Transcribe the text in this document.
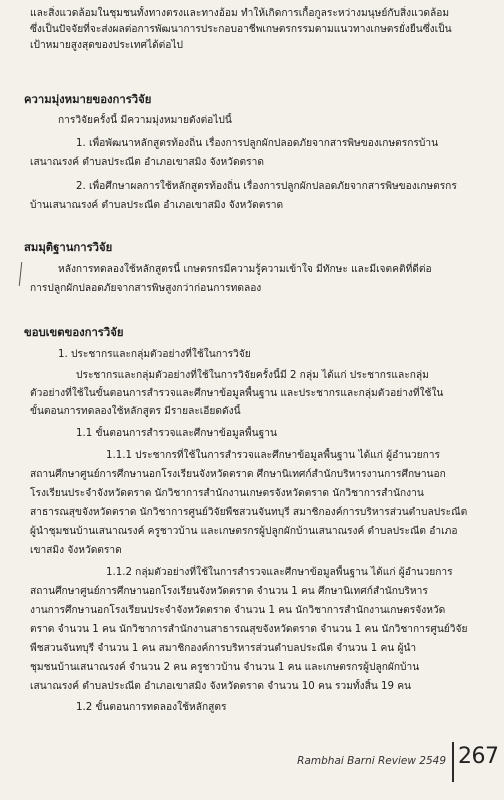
และสิ่งแวดล้อมในชุมชนทั้งทางตรงและทางอ้อม ทำให้เกิดการเกื้อกูลระหว่างมนุษย์กับสิ่งแวดล้อม
ซึ่งเป็นปัจจัยที่จะส่งผลต่อการพัฒนาการประกอบอาชีพเกษตรกรรมตามแนวทางเกษตรยั่งยืนซึ่งเป็น
เป้าหมายสูงสุดของประเทศได้ต่อไป
ความมุ่งหมายของการวิจัย
การวิจัยครั้งนี้ มีความมุ่งหมายดังต่อไปนี้
1. เพื่อพัฒนาหลักสูตรท้องถิ่น เรื่องการปลูกผักปลอดภัยจากสารพิษของเกษตรกรบ้าน
เสนาณรงค์ ตำบลประณีต อำเภอเขาสมิง จังหวัดตราด
2. เพื่อศึกษาผลการใช้หลักสูตรท้องถิ่น เรื่องการปลูกผักปลอดภัยจากสารพิษของเกษตรกร
บ้านเสนาณรงค์ ตำบลประณีต อำเภอเขาสมิง จังหวัดตราด
สมมุติฐานการวิจัย
หลังการทดลองใช้หลักสูตรนี้ เกษตรกรมีความรู้ความเข้าใจ มีทักษะ และมีเจตคติที่ดีต่อ
การปลูกผักปลอดภัยจากสารพิษสูงกว่าก่อนการทดลอง
ขอบเขตของการวิจัย
1. ประชากรและกลุ่มตัวอย่างที่ใช้ในการวิจัย
ประชากรและกลุ่มตัวอย่างที่ใช้ในการวิจัยครั้งนี้มี 2 กลุ่ม ได้แก่ ประชากรและกลุ่ม
ตัวอย่างที่ใช้ในขั้นตอนการสำรวจและศึกษาข้อมูลพื้นฐาน และประชากรและกลุ่มตัวอย่างที่ใช้ใน
ขั้นตอนการทดลองใช้หลักสูตร มีรายละเอียดดังนี้
1.1 ขั้นตอนการสำรวจและศึกษาข้อมูลพื้นฐาน
1.1.1 ประชากรที่ใช้ในการสำรวจและศึกษาข้อมูลพื้นฐาน ได้แก่ ผู้อำนวยการ
สถานศึกษาศูนย์การศึกษานอกโรงเรียนจังหวัดตราด ศึกษานิเทศก์สำนักบริหารงานการศึกษานอก
โรงเรียนประจำจังหวัดตราด นักวิชาการสำนักงานเกษตรจังหวัดตราด นักวิชาการสำนักงาน
สาธารณสุขจังหวัดตราด นักวิชาการศูนย์วิจัยพืชสวนจันทบุรี สมาชิกองค์การบริหารส่วนตำบลประณีต
ผู้นำชุมชนบ้านเสนาณรงค์ ครูชาวบ้าน และเกษตรกรผู้ปลูกผักบ้านเสนาณรงค์ ตำบลประณีต อำเภอ
เขาสมิง จังหวัดตราด
1.1.2 กลุ่มตัวอย่างที่ใช้ในการสำรวจและศึกษาข้อมูลพื้นฐาน ได้แก่ ผู้อำนวยการ
สถานศึกษาศูนย์การศึกษานอกโรงเรียนจังหวัดตราด จำนวน 1 คน ศึกษานิเทศก์สำนักบริหาร
งานการศึกษานอกโรงเรียนประจำจังหวัดตราด จำนวน 1 คน นักวิชาการสำนักงานเกษตรจังหวัด
ตราด จำนวน 1 คน นักวิชาการสำนักงานสาธารณสุขจังหวัดตราด จำนวน 1 คน นักวิชาการศูนย์วิจัย
พืชสวนจันทบุรี จำนวน 1 คน สมาชิกองค์การบริหารส่วนตำบลประณีต จำนวน 1 คน ผู้นำ
ชุมชนบ้านเสนาณรงค์ จำนวน 2 คน ครูชาวบ้าน จำนวน 1 คน และเกษตรกรผู้ปลูกผักบ้าน
เสนาณรงค์ ตำบลประณีต อำเภอเขาสมิง จังหวัดตราด จำนวน 10 คน รวมทั้งสิ้น 19 คน
1.2 ขั้นตอนการทดลองใช้หลักสูตร
Rambhai Barni Review 2549 267
